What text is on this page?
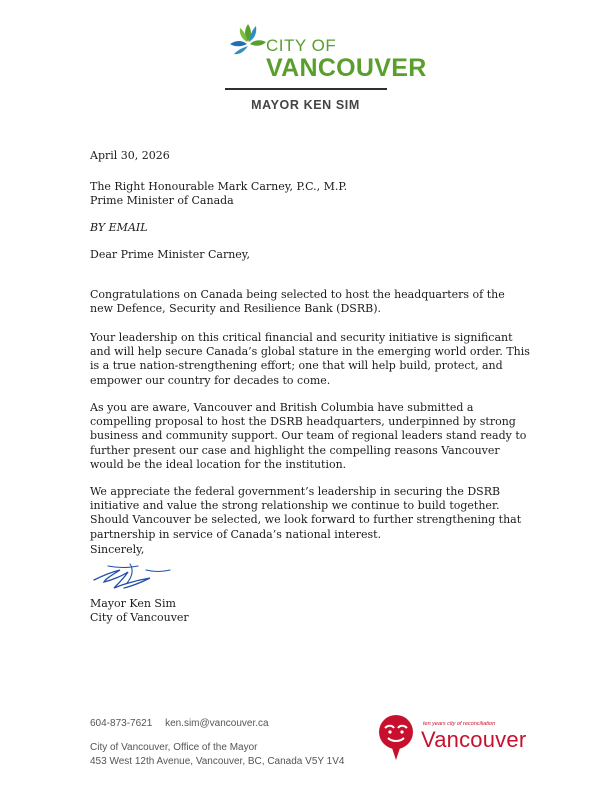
CITY OF
VANCOUVER
MAYOR KEN SIM
April 30, 2026
The Right Honourable Mark Carney, P.C., M.P.
Prime Minister of Canada
BY EMAIL
Dear Prime Minister Carney,

Congratulations on Canada being selected to host the headquarters of the new Defence, Security and Resilience Bank (DSRB).

Your leadership on this critical financial and security initiative is significant and will help secure Canada’s global stature in the emerging world order. This is a true nation-strengthening effort; one that will help build, protect, and empower our country for decades to come.

As you are aware, Vancouver and British Columbia have submitted a compelling proposal to host the DSRB headquarters, underpinned by strong business and community support. Our team of regional leaders stand ready to further present our case and highlight the compelling reasons Vancouver would be the ideal location for the institution.

We appreciate the federal government’s leadership in securing the DSRB initiative and value the strong relationship we continue to build together. Should Vancouver be selected, we look forward to further strengthening that partnership in service of Canada’s national interest.

Sincerely,
Mayor Ken Sim
City of Vancouver
604-873-7621 ken.sim@vancouver.ca
City of Vancouver, Office of the Mayor
453 West 12th Avenue, Vancouver, BC, Canada V5Y 1V4
ten years city of reconciliation
Vancouver
